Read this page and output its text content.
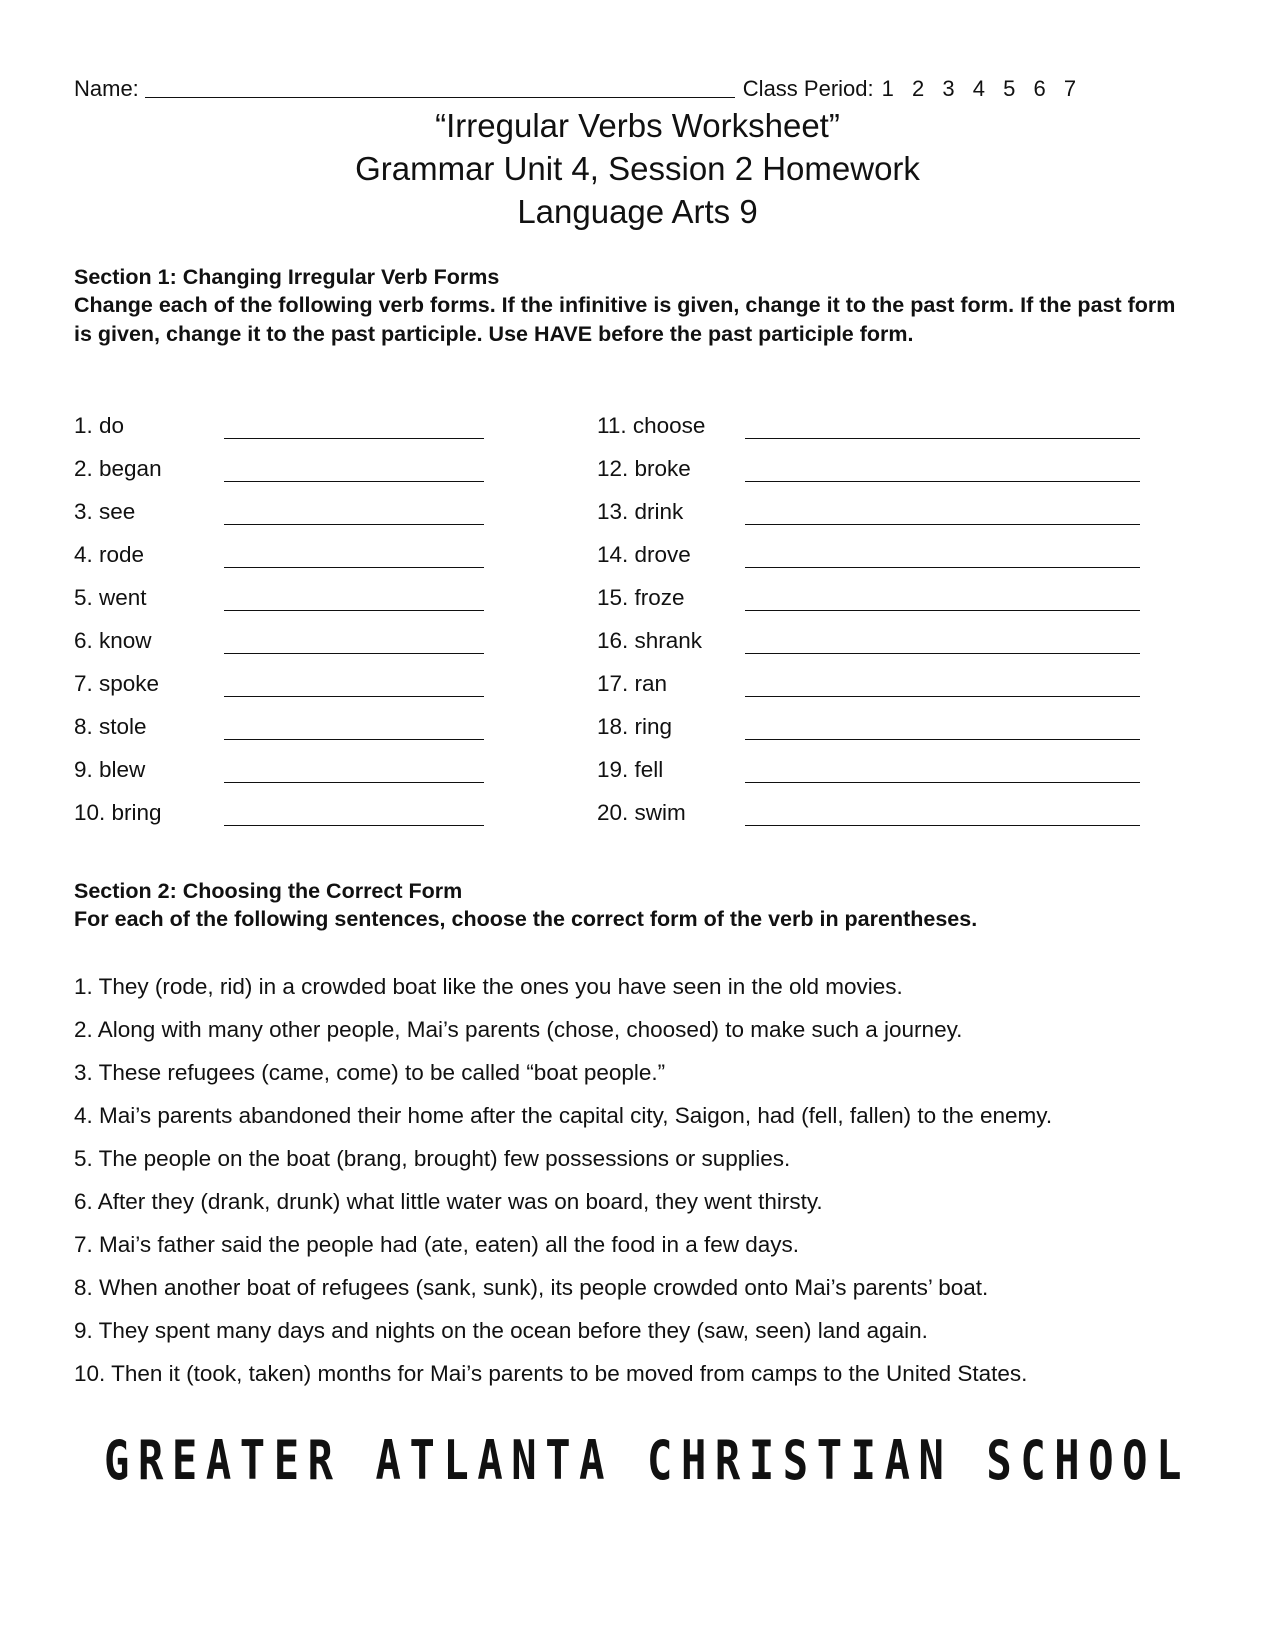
Name:	Class Period: 1 2 3 4 5 6 7
“Irregular Verbs Worksheet”
Grammar Unit 4, Session 2 Homework
Language Arts 9
Section 1: Changing Irregular Verb Forms
Change each of the following verb forms. If the infinitive is given, change it to the past form. If the past form is given, change it to the past participle. Use HAVE before the past participle form.
1. do
2. began
3. see
4. rode
5. went
6. know
7. spoke
8. stole
9. blew
10. bring
11. choose
12. broke
13. drink
14. drove
15. froze
16. shrank
17. ran
18. ring
19. fell
20. swim
Section 2: Choosing the Correct Form
For each of the following sentences, choose the correct form of the verb in parentheses.
1. They (rode, rid) in a crowded boat like the ones you have seen in the old movies.
2. Along with many other people, Mai’s parents (chose, choosed) to make such a journey.
3. These refugees (came, come) to be called “boat people.”
4. Mai’s parents abandoned their home after the capital city, Saigon, had (fell, fallen) to the enemy.
5. The people on the boat (brang, brought) few possessions or supplies.
6. After they (drank, drunk) what little water was on board, they went thirsty.
7. Mai’s father said the people had (ate, eaten) all the food in a few days.
8. When another boat of refugees (sank, sunk), its people crowded onto Mai’s parents’ boat.
9. They spent many days and nights on the ocean before they (saw, seen) land again.
10. Then it (took, taken) months for Mai’s parents to be moved from camps to the United States.
GREATER ATLANTA CHRISTIAN SCHOOL
